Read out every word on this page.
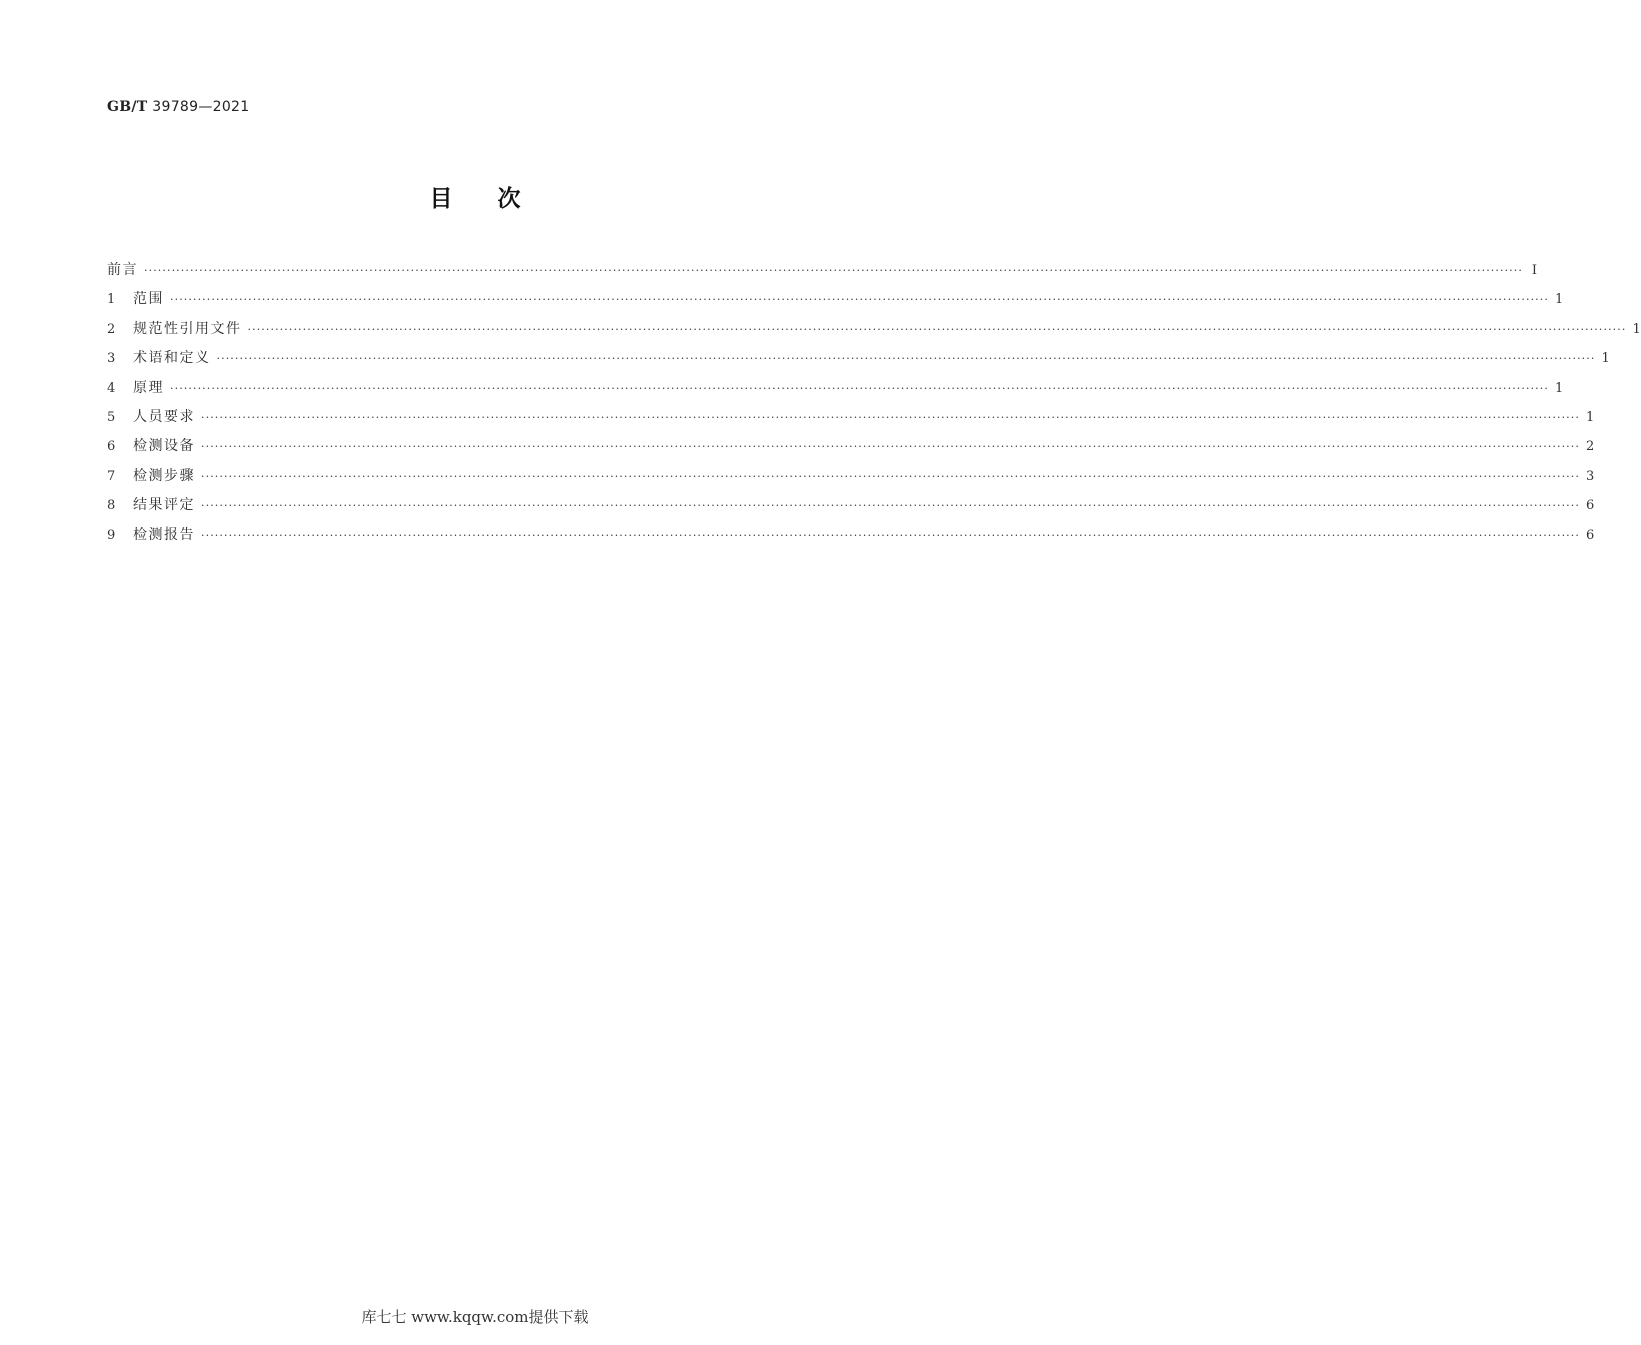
GB/T 39789—2021
目次
前言 ············································································································································································································································································································ Ⅰ
1	范围 ············································································································································································································································································································ 1
2	规范性引用文件 ············································································································································································································································································································ 1
3	术语和定义 ············································································································································································································································································································ 1
4	原理 ············································································································································································································································································································ 1
5	人员要求 ············································································································································································································································································································ 1
6	检测设备 ············································································································································································································································································································ 2
7	检测步骤 ············································································································································································································································································································ 3
8	结果评定 ············································································································································································································································································································ 6
9	检测报告 ············································································································································································································································································································ 6
库七七 www.kqqw.com提供下载
